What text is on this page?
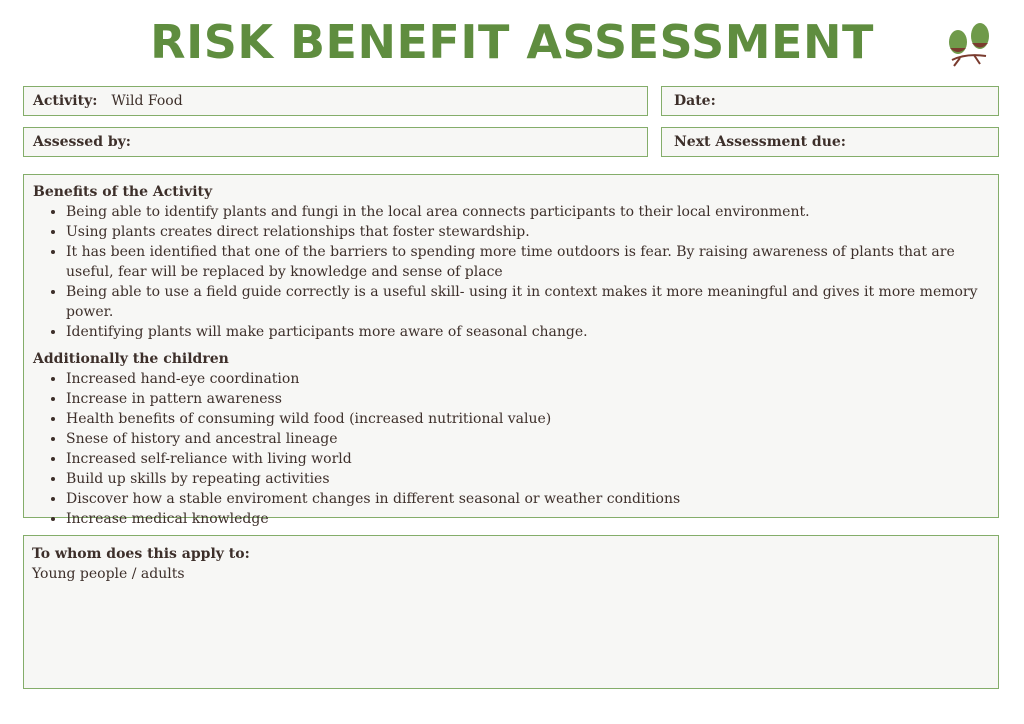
RISK BENEFIT ASSESSMENT
Activity: Wild Food	Date:
Assessed by:	Next Assessment due:

Benefits of the Activity

• Being able to identify plants and fungi in the local area connects participants to their local environment.
• Using plants creates direct relationships that foster stewardship.
• It has been identified that one of the barriers to spending more time outdoors is fear. By raising awareness of plants that are useful, fear will be replaced by knowledge and sense of place
• Being able to use a field guide correctly is a useful skill- using it in context makes it more meaningful and gives it more memory power.
• Identifying plants will make participants more aware of seasonal change.

Additionally the children

• Increased hand-eye coordination
• Increase in pattern awareness
• Health benefits of consuming wild food (increased nutritional value)
• Snese of history and ancestral lineage
• Increased self-reliance with living world
• Build up skills by repeating activities
• Discover how a stable enviroment changes in different seasonal or weather conditions
• Increase medical knowledge

To whom does this apply to:

Young people / adults
